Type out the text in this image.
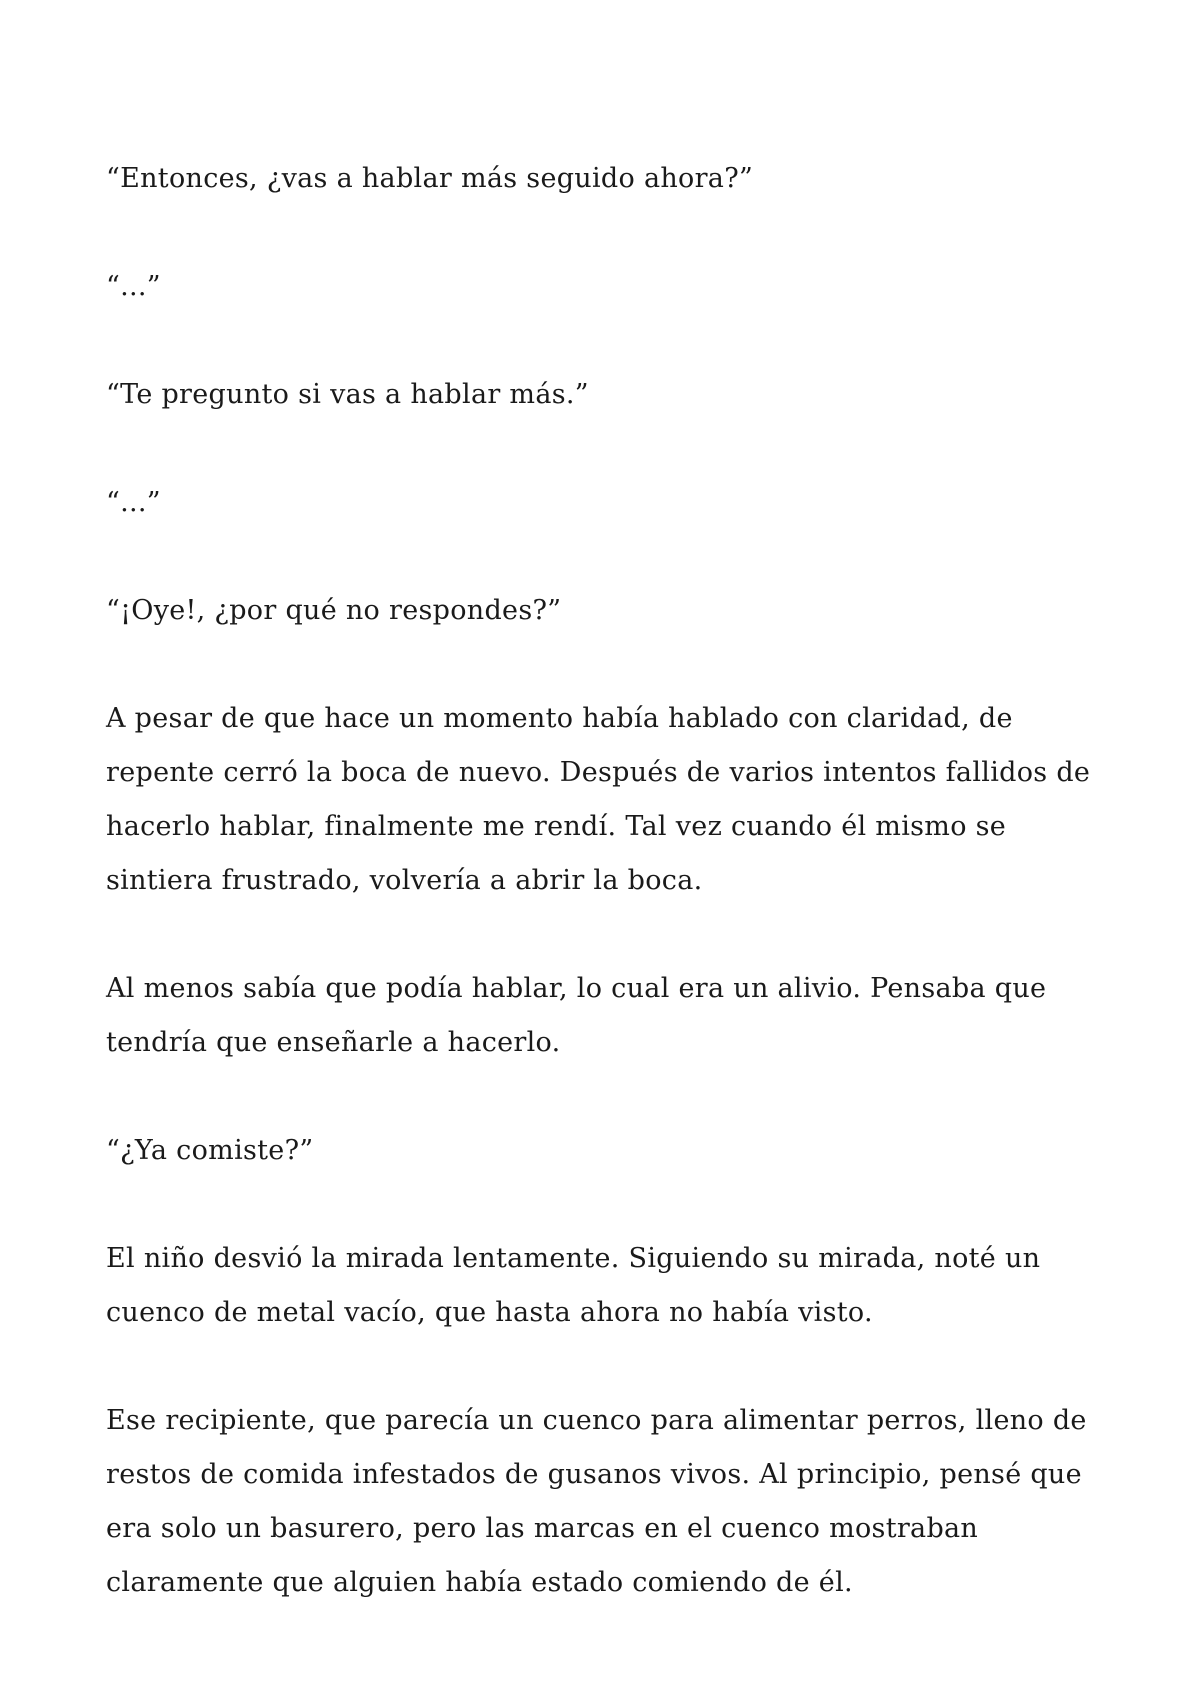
“Entonces, ¿vas a hablar más seguido ahora?”

“...”

“Te pregunto si vas a hablar más.”

“...”

“¡Oye!, ¿por qué no respondes?”

A pesar de que hace un momento había hablado con claridad, de
repente cerró la boca de nuevo. Después de varios intentos fallidos de
hacerlo hablar, finalmente me rendí. Tal vez cuando él mismo se
sintiera frustrado, volvería a abrir la boca.

Al menos sabía que podía hablar, lo cual era un alivio. Pensaba que
tendría que enseñarle a hacerlo.

“¿Ya comiste?”

El niño desvió la mirada lentamente. Siguiendo su mirada, noté un
cuenco de metal vacío, que hasta ahora no había visto.

Ese recipiente, que parecía un cuenco para alimentar perros, lleno de
restos de comida infestados de gusanos vivos. Al principio, pensé que
era solo un basurero, pero las marcas en el cuenco mostraban
claramente que alguien había estado comiendo de él.
